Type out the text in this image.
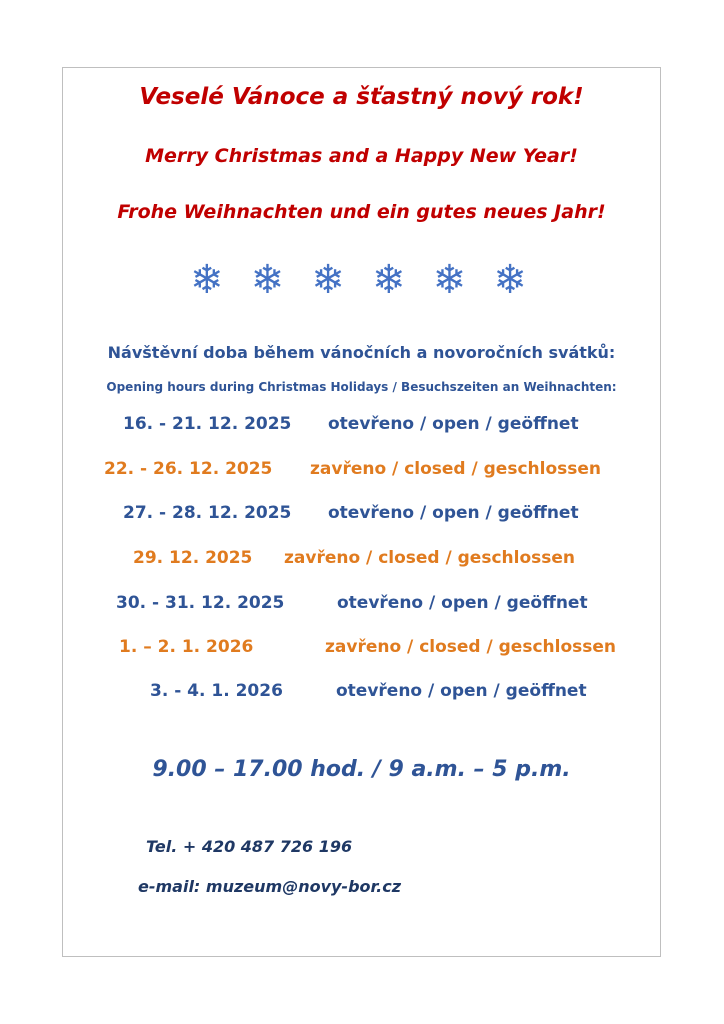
Veselé Vánoce a šťastný nový rok!
Merry Christmas and a Happy New Year!
Frohe Weihnachten und ein gutes neues Jahr!
❄ ❄ ❄ ❄ ❄ ❄
Návštěvní doba během vánočních a novoročních svátků:
Opening hours during Christmas Holidays / Besuchszeiten an Weihnachten:
16. - 21. 12. 2025 otevřeno / open / geöffnet
22. - 26. 12. 2025 zavřeno / closed / geschlossen
27. - 28. 12. 2025 otevřeno / open / geöffnet
29. 12. 2025 zavřeno / closed / geschlossen
30. - 31. 12. 2025	otevřeno / open / geöffnet
1. – 2. 1. 2026	zavřeno / closed / geschlossen
3. - 4. 1. 2026	otevřeno / open / geöffnet
9.00 – 17.00 hod. / 9 a.m. – 5 p.m.
Tel. + 420 487 726 196
e-mail: muzeum@novy-bor.cz
